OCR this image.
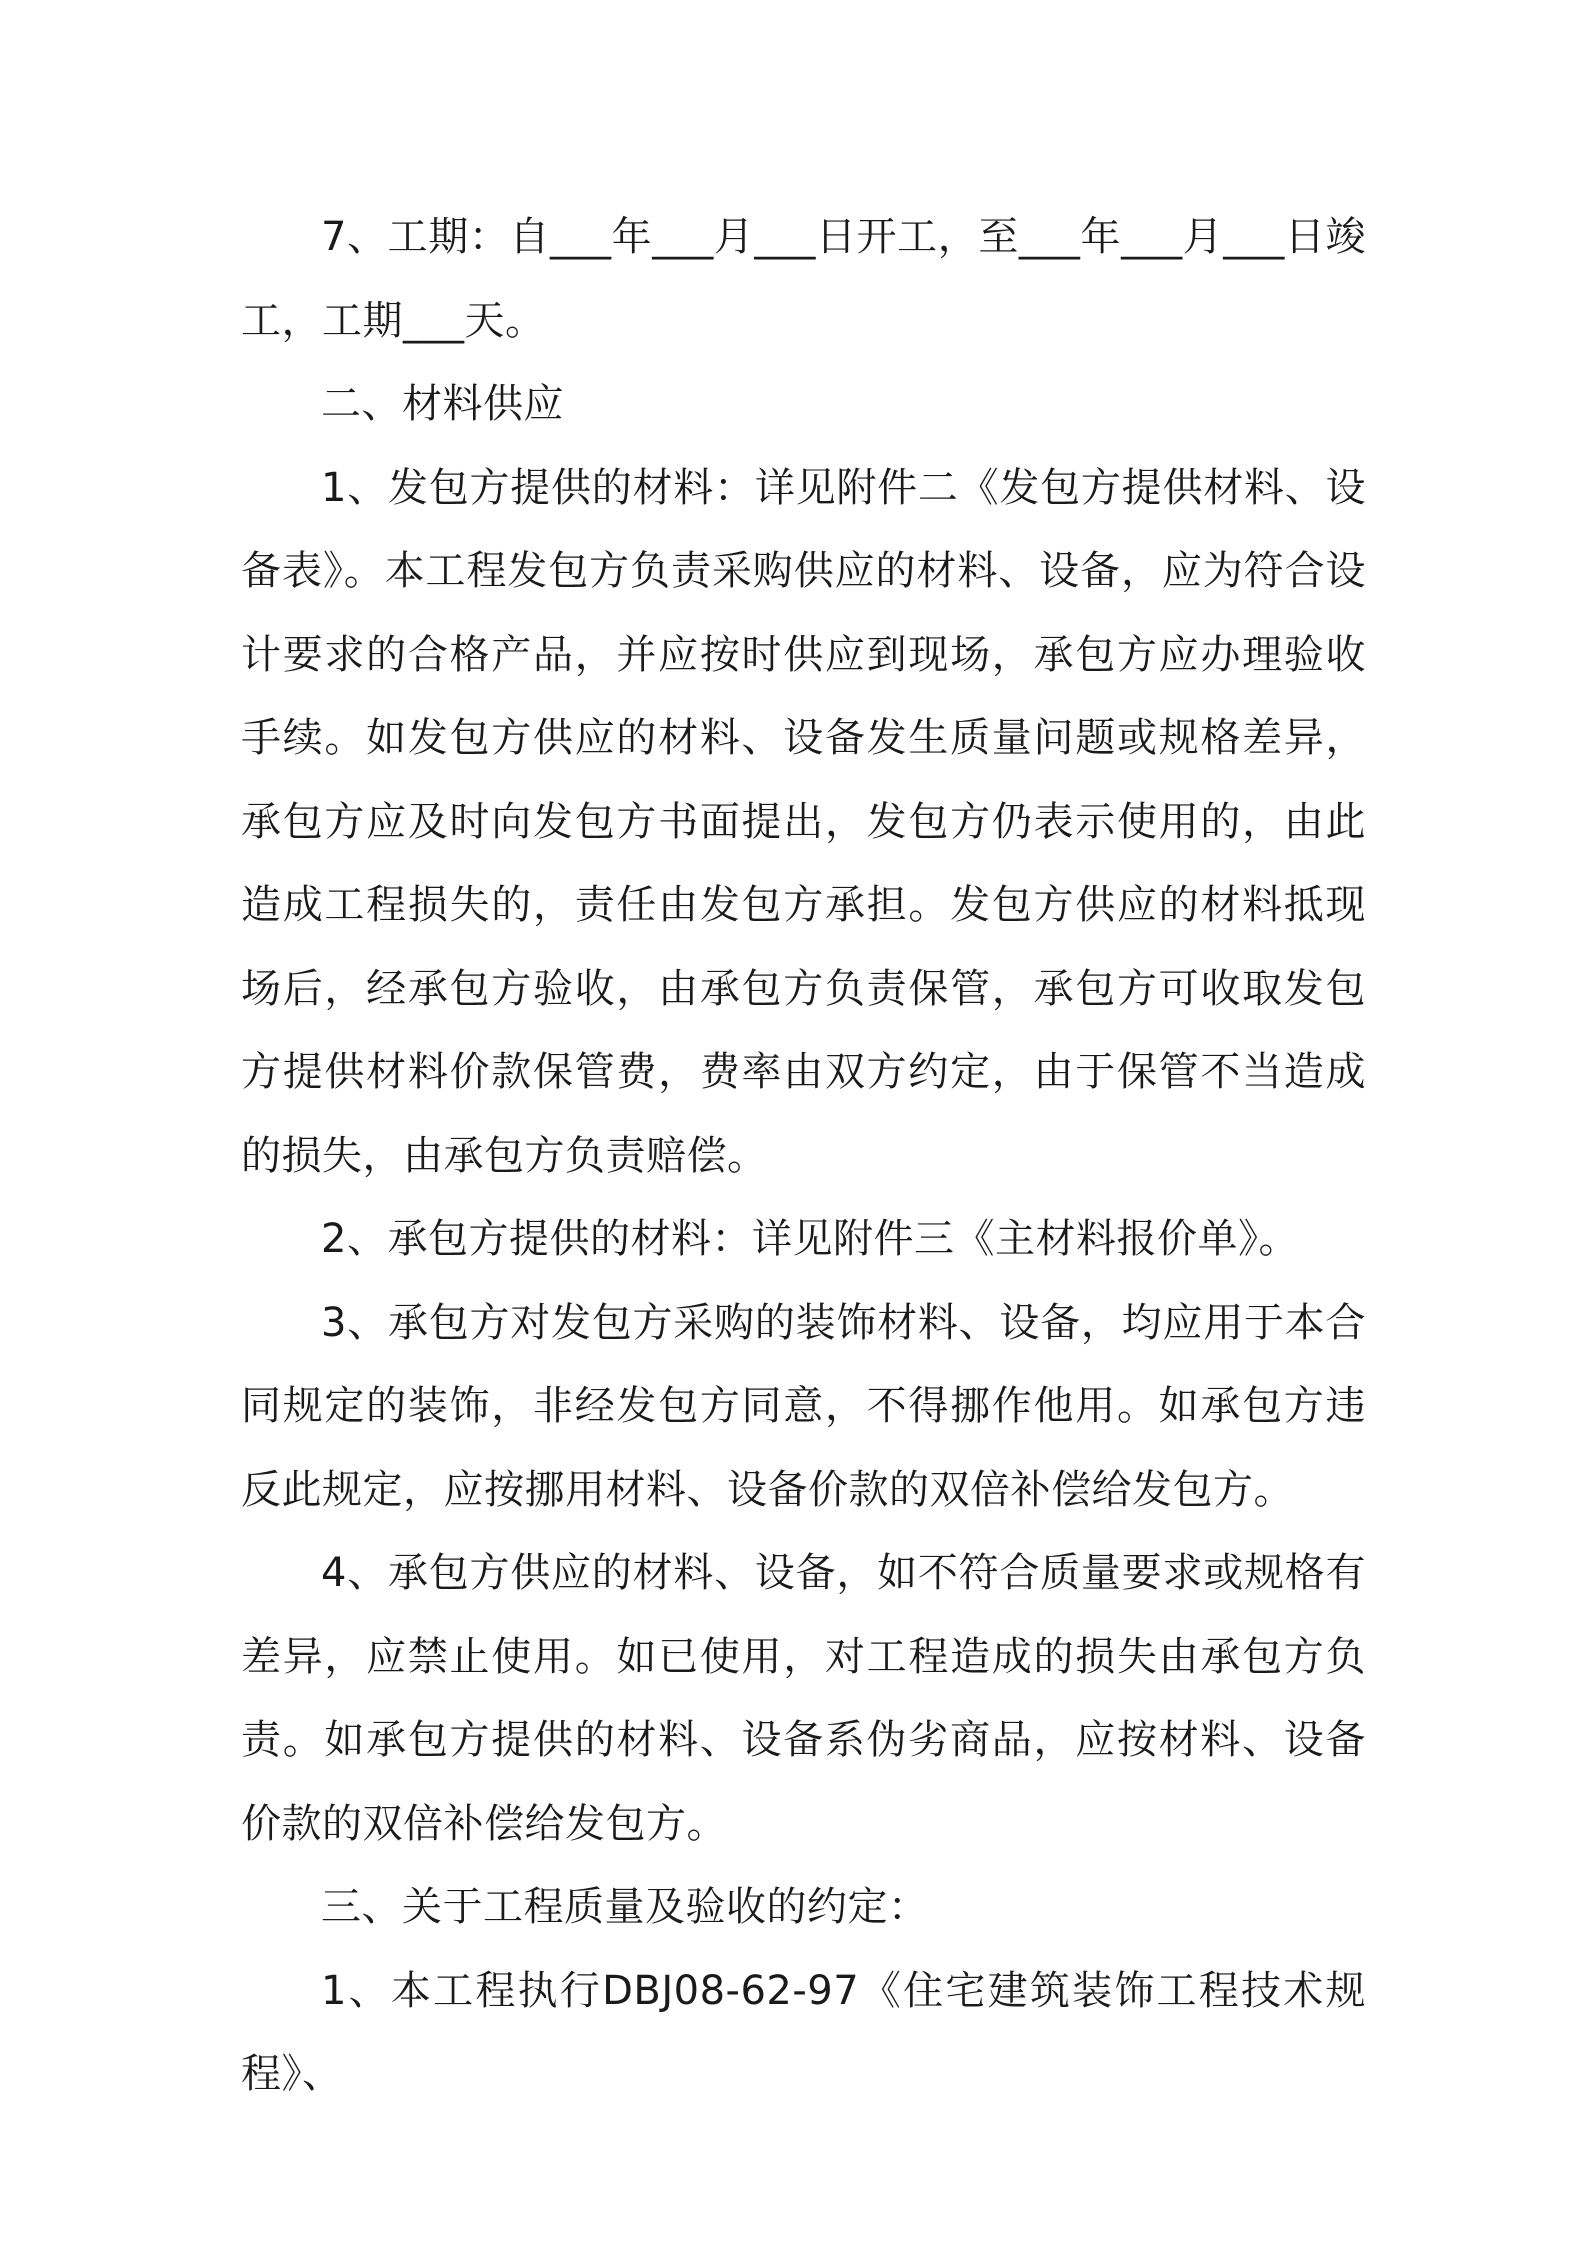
7、工期：自___年___月___日开工，至___年___月___日竣工，工期___天。

二、材料供应

1、发包方提供的材料：详见附件二《发包方提供材料、设备表》。本工程发包方负责采购供应的材料、设备，应为符合设计要求的合格产品，并应按时供应到现场，承包方应办理验收手续。如发包方供应的材料、设备发生质量问题或规格差异，承包方应及时向发包方书面提出，发包方仍表示使用的，由此造成工程损失的，责任由发包方承担。发包方供应的材料抵现场后，经承包方验收，由承包方负责保管，承包方可收取发包方提供材料价款保管费，费率由双方约定，由于保管不当造成的损失，由承包方负责赔偿。

2、承包方提供的材料：详见附件三《主材料报价单》。

3、承包方对发包方采购的装饰材料、设备，均应用于本合同规定的装饰，非经发包方同意，不得挪作他用。如承包方违反此规定，应按挪用材料、设备价款的双倍补偿给发包方。

4、承包方供应的材料、设备，如不符合质量要求或规格有差异，应禁止使用。如已使用，对工程造成的损失由承包方负责。如承包方提供的材料、设备系伪劣商品，应按材料、设备价款的双倍补偿给发包方。

三、关于工程质量及验收的约定：

1、本工程执行DBJ08-62-97《住宅建筑装饰工程技术规程》、
